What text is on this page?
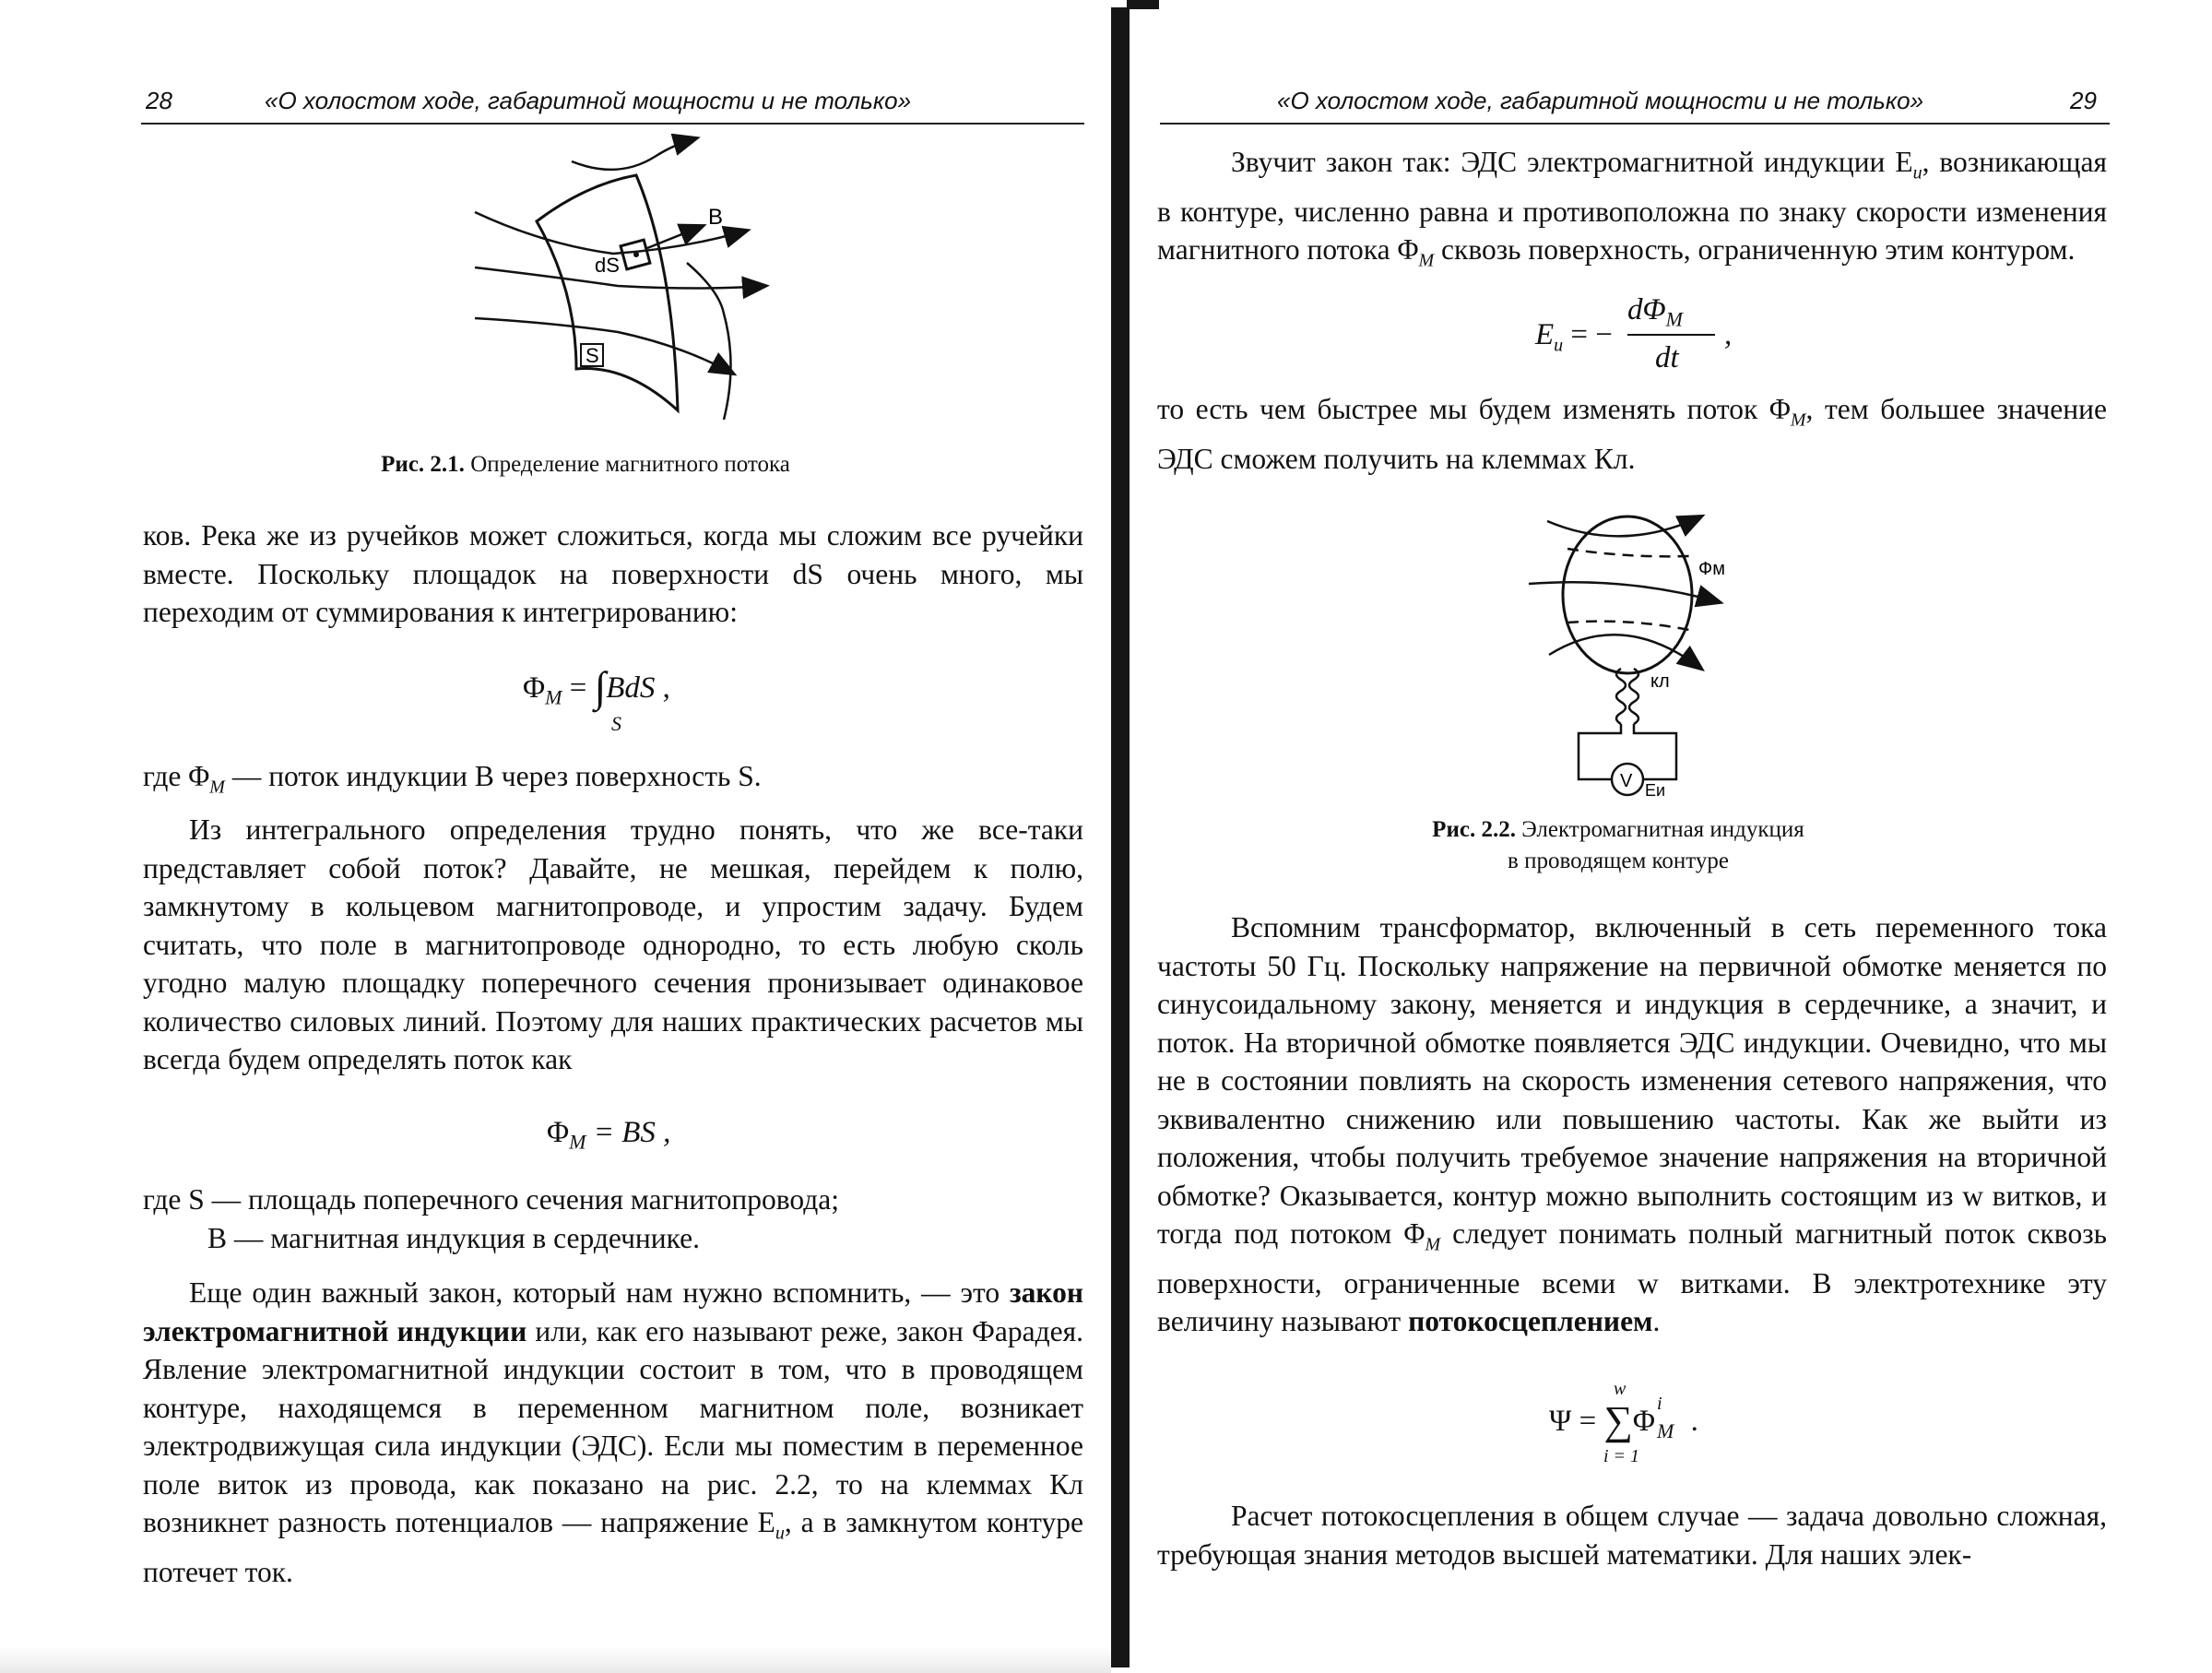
28	«О холостом ходе, габаритной мощности и не только»
B
dS
S
Рис. 2.1. Определение магнитного потока

ков. Река же из ручейков может сложиться, когда мы сложим все ручейки вместе. Поскольку площадок на поверхности dS очень много, мы переходим от суммирования к интегрированию:

$\Phi_M = \int BdS$ ,
S
где $\Phi_M$ — поток индукции B через поверхность S.

Из интегрального определения трудно понять, что же все-таки представляет собой поток? Давайте, не мешкая, перейдем к полю, замкнутому в кольцевом магнитопроводе, и упростим задачу. Будем считать, что поле в магнитопроводе однородно, то есть любую сколь угодно малую площадку поперечного сечения пронизывает одинаковое количество силовых линий. Поэтому для наших практических расчетов мы всегда будем определять поток как

$\Phi_M$ = BS ,
где S — площадь поперечного сечения магнитопровода;
B — магнитная индукция в сердечнике.

Еще один важный закон, который нам нужно вспомнить, — это закон электромагнитной индукции или, как его называют реже, закон Фарадея. Явление электромагнитной индукции состоит в том, что в проводящем контуре, находящемся в переменном магнитном поле, возникает электродвижущая сила индукции (ЭДС). Если мы поместим в переменное поле виток из провода, как показано на рис. 2.2, то на клеммах Кл возникнет разность потенциалов — напряжение $E_и$, а в замкнутом контуре потечет ток.

«О холостом ходе, габаритной мощности и не только»	29

Звучит закон так: ЭДС электромагнитной индукции $E_и$, возникающая в контуре, численно равна и противоположна по знаку скорости изменения магнитного потока $\Phi_M$ сквозь поверхность, ограниченную этим контуром.

$E_и$ = −
$d\Phi_M$
dt
,

то есть чем быстрее мы будем изменять поток $\Phi_M$, тем большее значение ЭДС сможем получить на клеммах Кл.

Фм
кл
V Eи
Рис. 2.2. Электромагнитная индукция
в проводящем контуре

Вспомним трансформатор, включенный в сеть переменного тока частоты 50 Гц. Поскольку напряжение на первичной обмотке меняется по синусоидальному закону, меняется и индукция в сердечнике, а значит, и поток. На вторичной обмотке появляется ЭДС индукции. Очевидно, что мы не в состоянии повлиять на скорость изменения сетевого напряжения, что эквивалентно снижению или повышению частоты. Как же выйти из положения, чтобы получить требуемое значение напряжения на вторичной обмотке? Оказывается, контур можно выполнить состоящим из w витков, и тогда под потоком $\Phi_M$ следует понимать полный магнитный поток сквозь поверхности, ограниченные всеми w витками. В электротехнике эту величину называют потокосцеплением.

Ψ = ∑Φ
i
$_M$ .
w
i = 1

Расчет потокосцепления в общем случае — задача довольно сложная, требующая знания методов высшей математики. Для наших элек-
